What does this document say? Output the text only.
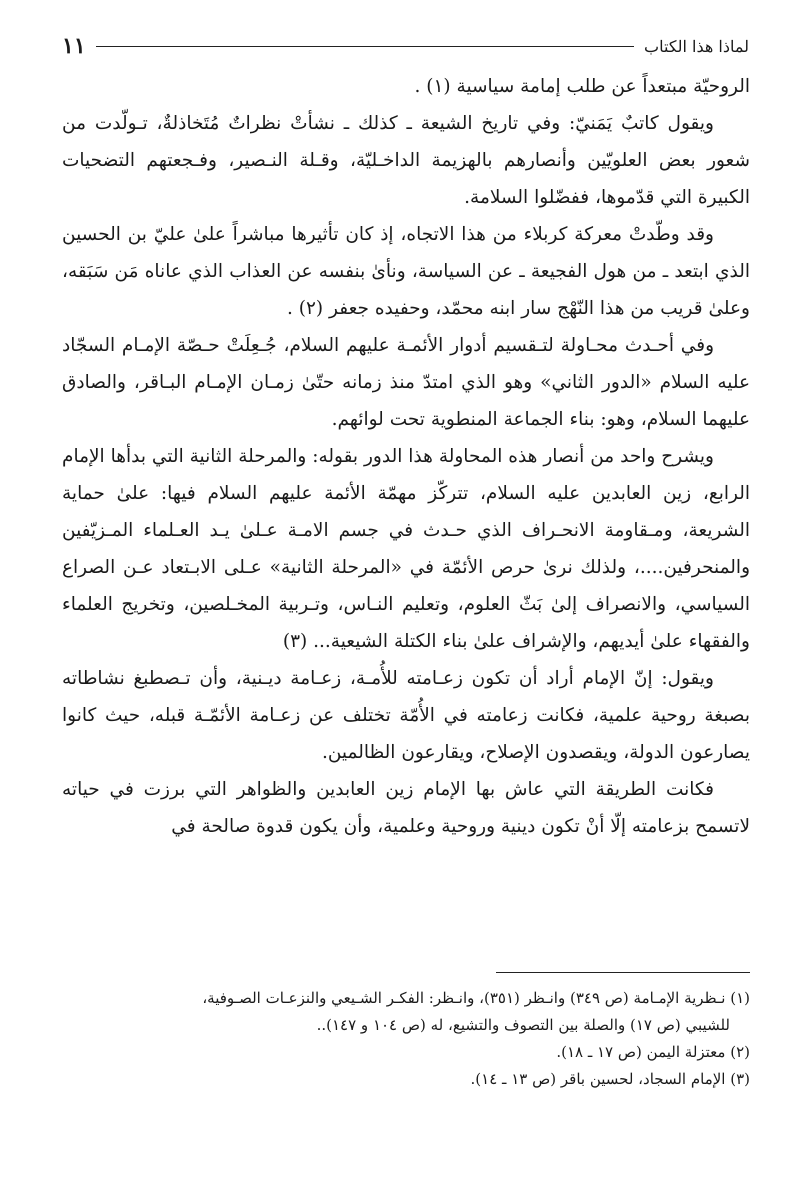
لماذا هذا الكتاب
١١

الروحيّة مبتعداً عن طلب إمامة سياسية (١) .

ويقول كاتبٌ يَمَنيّ: وفي تاريخ الشيعة ـ كذلك ـ نشأتْ نظراتٌ مُتَخاذلةٌ، تـولّدت من شعور بعض العلويّين وأنصارهم بالهزيمة الداخـليّة، وقـلة النـصير، وفـجعتهم التضحيات الكبيرة التي قدّموها، ففضّلوا السلامة.

وقد وطّدتْ معركة كربلاء من هذا الاتجاه، إذ كان تأثيرها مباشراً علىٰ عليّ بن الحسين الذي ابتعد ـ من هول الفجيعة ـ عن السياسة، ونأىٰ بنفسه عن العذاب الذي عاناه مَن سَبَقه، وعلىٰ قريب من هذا النّهْج سار ابنه محمّد، وحفيده جعفر (٢) .

وفي أحـدث محـاولة لتـقسيم أدوار الأئمـة عليهم السلام، جُـعِلَتْ حـصّة الإمـام السجّاد عليه السلام «الدور الثاني» وهو الذي امتدّ منذ زمانه حتّىٰ زمـان الإمـام البـاقر، والصادق عليهما السلام، وهو: بناء الجماعة المنطوية تحت لوائهم.

ويشرح واحد من أنصار هذه المحاولة هذا الدور بقوله: والمرحلة الثانية التي بدأها الإمام الرابع، زين العابدين عليه السلام، تتركّز مهمّة الأئمة عليهم السلام فيها: علىٰ حماية الشريعة، ومـقاومة الانحـراف الذي حـدث في جسم الامـة عـلىٰ يـد العـلماء المـزيّفين والمنحرفين....، ولذلك نرىٰ حرص الأئمّة في «المرحلة الثانية» عـلى الابـتعاد عـن الصراع السياسي، والانصراف إلىٰ بَثّ العلوم، وتعليم النـاس، وتـربية المخـلصين، وتخريج العلماء والفقهاء علىٰ أيديهم، والإشراف علىٰ بناء الكتلة الشيعية... (٣)

ويقول: إنّ الإمام أراد أن تكون زعـامته للأُمـة، زعـامة ديـنية، وأن تـصطبغ نشاطاته بصبغة روحية علمية، فكانت زعامته في الأُمّة تختلف عن زعـامة الأئمّـة قبله، حيث كانوا يصارعون الدولة، ويقصدون الإصلاح، ويقارعون الظالمين.

فكانت الطريقة التي عاش بها الإمام زين العابدين والظواهر التي برزت في حياته لاتسمح بزعامته إلّا أنْ تكون دينية وروحية وعلمية، وأن يكون قدوة صالحة في

(١) نـظرية الإمـامة (ص ٣٤٩) وانـظر (٣٥١)، وانـظر: الفكـر الشـيعي والنزعـات الصـوفية،

للشيبي (ص ١٧) والصلة بين التصوف والتشيع، له (ص ١٠٤ و ١٤٧)..

(٢) معتزلة اليمن (ص ١٧ ـ ١٨).

(٣) الإمام السجاد، لحسين باقر (ص ١٣ ـ ١٤).
